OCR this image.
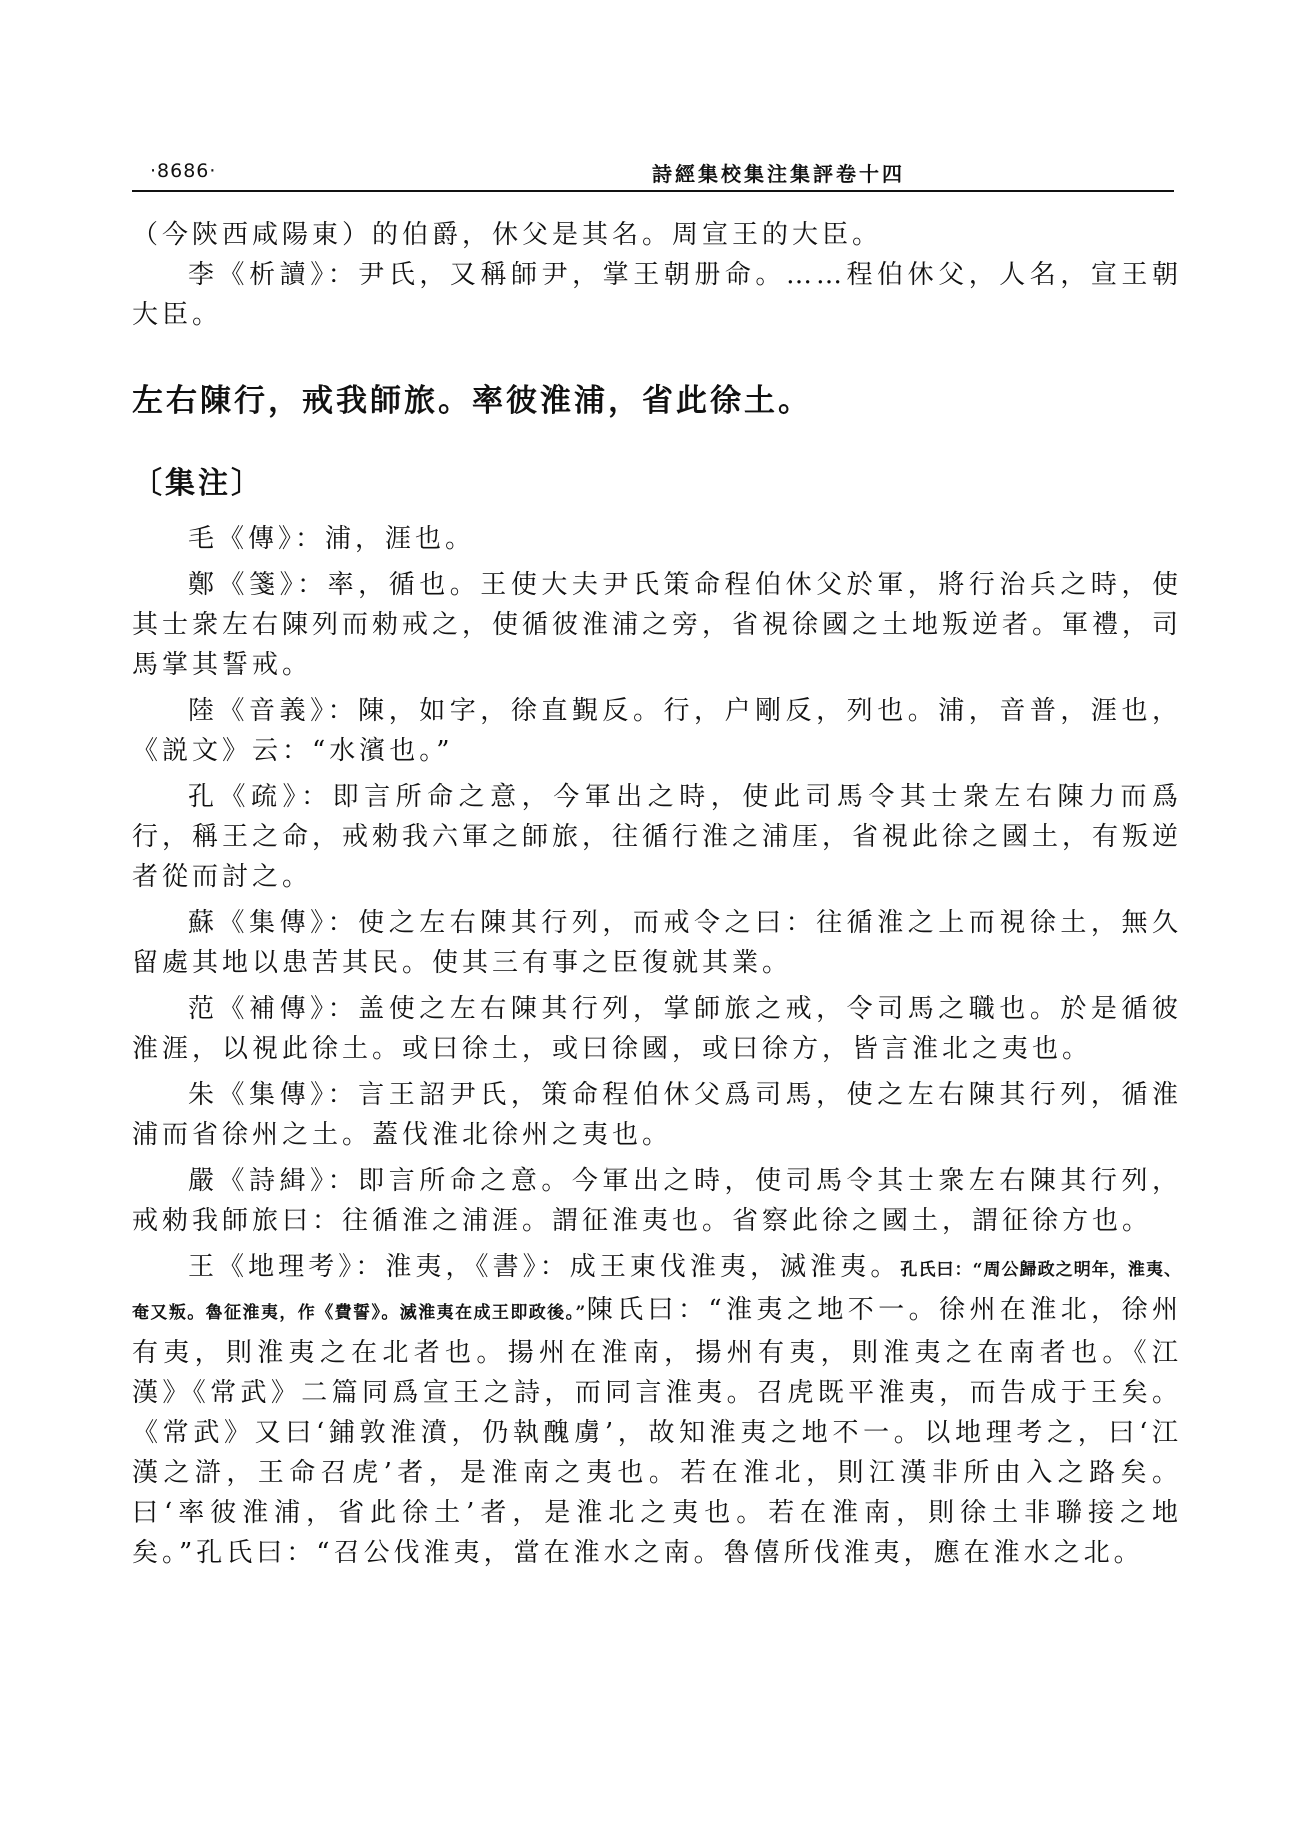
·8686·	詩經集校集注集評卷十四

（今陝西咸陽東）的伯爵，休父是其名。周宣王的大臣。

李《析讀》：尹氏，又稱師尹，掌王朝册命。……程伯休父，人名，宣王朝大臣。

左右陳行，戒我師旅。率彼淮浦，省此徐土。

〔集注〕

毛《傳》：浦，涯也。

鄭《箋》：率，循也。王使大夫尹氏策命程伯休父於軍，將行治兵之時，使其士衆左右陳列而勑戒之，使循彼淮浦之旁，省視徐國之土地叛逆者。軍禮，司馬掌其誓戒。

陸《音義》：陳，如字，徐直覲反。行，户剛反，列也。浦，音普，涯也，《説文》云：“水濱也。”

孔《疏》：即言所命之意，今軍出之時，使此司馬令其士衆左右陳力而爲行，稱王之命，戒勑我六軍之師旅，往循行淮之浦厓，省視此徐之國土，有叛逆者從而討之。

蘇《集傳》：使之左右陳其行列，而戒令之曰：往循淮之上而視徐土，無久留處其地以患苦其民。使其三有事之臣復就其業。

范《補傳》：盖使之左右陳其行列，掌師旅之戒，令司馬之職也。於是循彼淮涯，以視此徐土。或曰徐土，或曰徐國，或曰徐方，皆言淮北之夷也。

朱《集傳》：言王詔尹氏，策命程伯休父爲司馬，使之左右陳其行列，循淮浦而省徐州之土。蓋伐淮北徐州之夷也。

嚴《詩緝》：即言所命之意。今軍出之時，使司馬令其士衆左右陳其行列，戒勑我師旅曰：往循淮之浦涯。謂征淮夷也。省察此徐之國土，謂征徐方也。

王《地理考》：淮夷，《書》：成王東伐淮夷，滅淮夷。孔氏曰：“周公歸政之明年，淮夷、奄又叛。魯征淮夷，作《費誓》。滅淮夷在成王即政後。”陳氏曰：“淮夷之地不一。徐州在淮北，徐州有夷，則淮夷之在北者也。揚州在淮南，揚州有夷，則淮夷之在南者也。《江漢》《常武》二篇同爲宣王之詩，而同言淮夷。召虎既平淮夷，而告成于王矣。《常武》又曰‘鋪敦淮濆，仍執醜虜’，故知淮夷之地不一。以地理考之，曰‘江漢之滸，王命召虎’者，是淮南之夷也。若在淮北，則江漢非所由入之路矣。曰‘率彼淮浦，省此徐土’者，是淮北之夷也。若在淮南，則徐土非聯接之地矣。”孔氏曰：“召公伐淮夷，當在淮水之南。魯僖所伐淮夷，應在淮水之北。
